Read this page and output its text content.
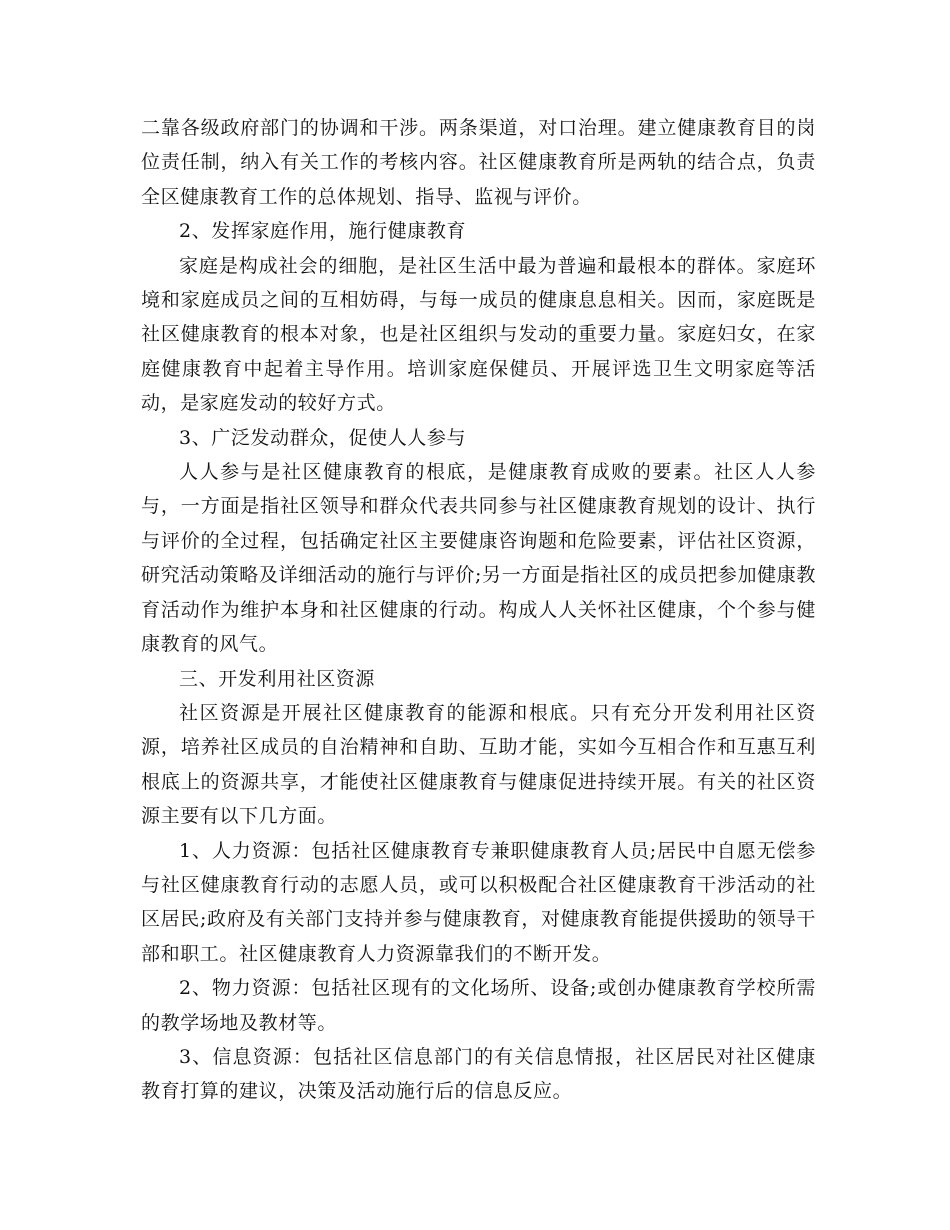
二靠各级政府部门的协调和干涉。两条渠道，对口治理。建立健康教育目的岗位责任制，纳入有关工作的考核内容。社区健康教育所是两轨的结合点，负责全区健康教育工作的总体规划、指导、监视与评价。

2、发挥家庭作用，施行健康教育

家庭是构成社会的细胞，是社区生活中最为普遍和最根本的群体。家庭环境和家庭成员之间的互相妨碍，与每一成员的健康息息相关。因而，家庭既是社区健康教育的根本对象，也是社区组织与发动的重要力量。家庭妇女，在家庭健康教育中起着主导作用。培训家庭保健员、开展评选卫生文明家庭等活动，是家庭发动的较好方式。

3、广泛发动群众，促使人人参与

人人参与是社区健康教育的根底，是健康教育成败的要素。社区人人参与，一方面是指社区领导和群众代表共同参与社区健康教育规划的设计、执行与评价的全过程，包括确定社区主要健康咨询题和危险要素，评估社区资源，研究活动策略及详细活动的施行与评价;另一方面是指社区的成员把参加健康教育活动作为维护本身和社区健康的行动。构成人人关怀社区健康，个个参与健康教育的风气。

三、开发利用社区资源

社区资源是开展社区健康教育的能源和根底。只有充分开发利用社区资源，培养社区成员的自治精神和自助、互助才能，实如今互相合作和互惠互利根底上的资源共享，才能使社区健康教育与健康促进持续开展。有关的社区资源主要有以下几方面。

1、人力资源：包括社区健康教育专兼职健康教育人员;居民中自愿无偿参与社区健康教育行动的志愿人员，或可以积极配合社区健康教育干涉活动的社区居民;政府及有关部门支持并参与健康教育，对健康教育能提供援助的领导干部和职工。社区健康教育人力资源靠我们的不断开发。

2、物力资源：包括社区现有的文化场所、设备;或创办健康教育学校所需的教学场地及教材等。

3、信息资源：包括社区信息部门的有关信息情报，社区居民对社区健康教育打算的建议，决策及活动施行后的信息反应。
